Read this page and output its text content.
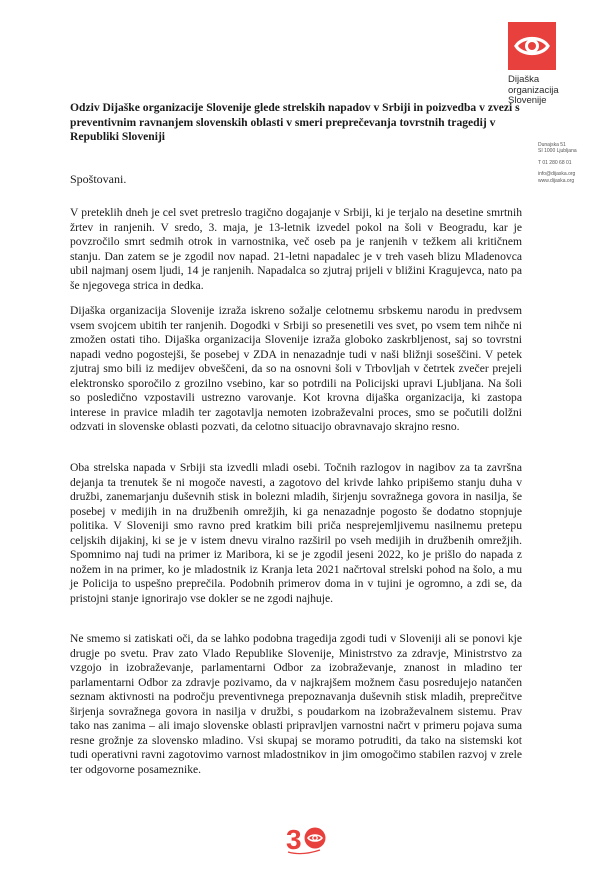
Dijaška
organizacija
Slovenije
Dunajska 51
SI 1000 Ljubljana
T 01 280 68 01
info@dijaska.org
www.dijaska.org
Odziv Dijaške organizacije Slovenije glede strelskih napadov v Srbiji in poizvedba v zvezi s preventivnim ravnanjem slovenskih oblasti v smeri preprečevanja tovrstnih tragedij v Republiki Sloveniji
Spoštovani.
V preteklih dneh je cel svet pretreslo tragično dogajanje v Srbiji, ki je terjalo na desetine smrtnih žrtev in ranjenih. V sredo, 3. maja, je 13-letnik izvedel pokol na šoli v Beogradu, kar je povzročilo smrt sedmih otrok in varnostnika, več oseb pa je ranjenih v težkem ali kritičnem stanju. Dan zatem se je zgodil nov napad. 21-letni napadalec je v treh vaseh blizu Mladenovca ubil najmanj osem ljudi, 14 je ranjenih. Napadalca so zjutraj prijeli v bližini Kragujevca, nato pa še njegovega strica in dedka.
Dijaška organizacija Slovenije izraža iskreno sožalje celotnemu srbskemu narodu in predvsem vsem svojcem ubitih ter ranjenih. Dogodki v Srbiji so presenetili ves svet, po vsem tem nihče ni zmožen ostati tiho. Dijaška organizacija Slovenije izraža globoko zaskrbljenost, saj so tovrstni napadi vedno pogostejši, še posebej v ZDA in nenazadnje tudi v naši bližnji soseščini. V petek zjutraj smo bili iz medijev obveščeni, da so na osnovni šoli v Trbovljah v četrtek zvečer prejeli elektronsko sporočilo z grozilno vsebino, kar so potrdili na Policijski upravi Ljubljana. Na šoli so posledično vzpostavili ustrezno varovanje. Kot krovna dijaška organizacija, ki zastopa interese in pravice mladih ter zagotavlja nemoten izobraževalni proces, smo se počutili dolžni odzvati in slovenske oblasti pozvati, da celotno situacijo obravnavajo skrajno resno.
Oba strelska napada v Srbiji sta izvedli mladi osebi. Točnih razlogov in nagibov za ta završna dejanja ta trenutek še ni mogoče navesti, a zagotovo del krivde lahko pripišemo stanju duha v družbi, zanemarjanju duševnih stisk in bolezni mladih, širjenju sovražnega govora in nasilja, še posebej v medijih in na družbenih omrežjih, ki ga nenazadnje pogosto še dodatno stopnjuje politika. V Sloveniji smo ravno pred kratkim bili priča nesprejemljivemu nasilnemu pretepu celjskih dijakinj, ki se je v istem dnevu viralno razširil po vseh medijih in družbenih omrežjih. Spomnimo naj tudi na primer iz Maribora, ki se je zgodil jeseni 2022, ko je prišlo do napada z nožem in na primer, ko je mladostnik iz Kranja leta 2021 načrtoval strelski pohod na šolo, a mu je Policija to uspešno preprečila. Podobnih primerov doma in v tujini je ogromno, a zdi se, da pristojni stanje ignorirajo vse dokler se ne zgodi najhuje.
Ne smemo si zatiskati oči, da se lahko podobna tragedija zgodi tudi v Sloveniji ali se ponovi kje drugje po svetu. Prav zato Vlado Republike Slovenije, Ministrstvo za zdravje, Ministrstvo za vzgojo in izobraževanje, parlamentarni Odbor za izobraževanje, znanost in mladino ter parlamentarni Odbor za zdravje pozivamo, da v najkrajšem možnem času posredujejo natančen seznam aktivnosti na področju preventivnega prepoznavanja duševnih stisk mladih, preprečitve širjenja sovražnega govora in nasilja v družbi, s poudarkom na izobraževalnem sistemu. Prav tako nas zanima – ali imajo slovenske oblasti pripravljen varnostni načrt v primeru pojava suma resne grožnje za slovensko mladino. Vsi skupaj se moramo potruditi, da tako na sistemski kot tudi operativni ravni zagotovimo varnost mladostnikov in jim omogočimo stabilen razvoj v zrele ter odgovorne posameznike.
3
